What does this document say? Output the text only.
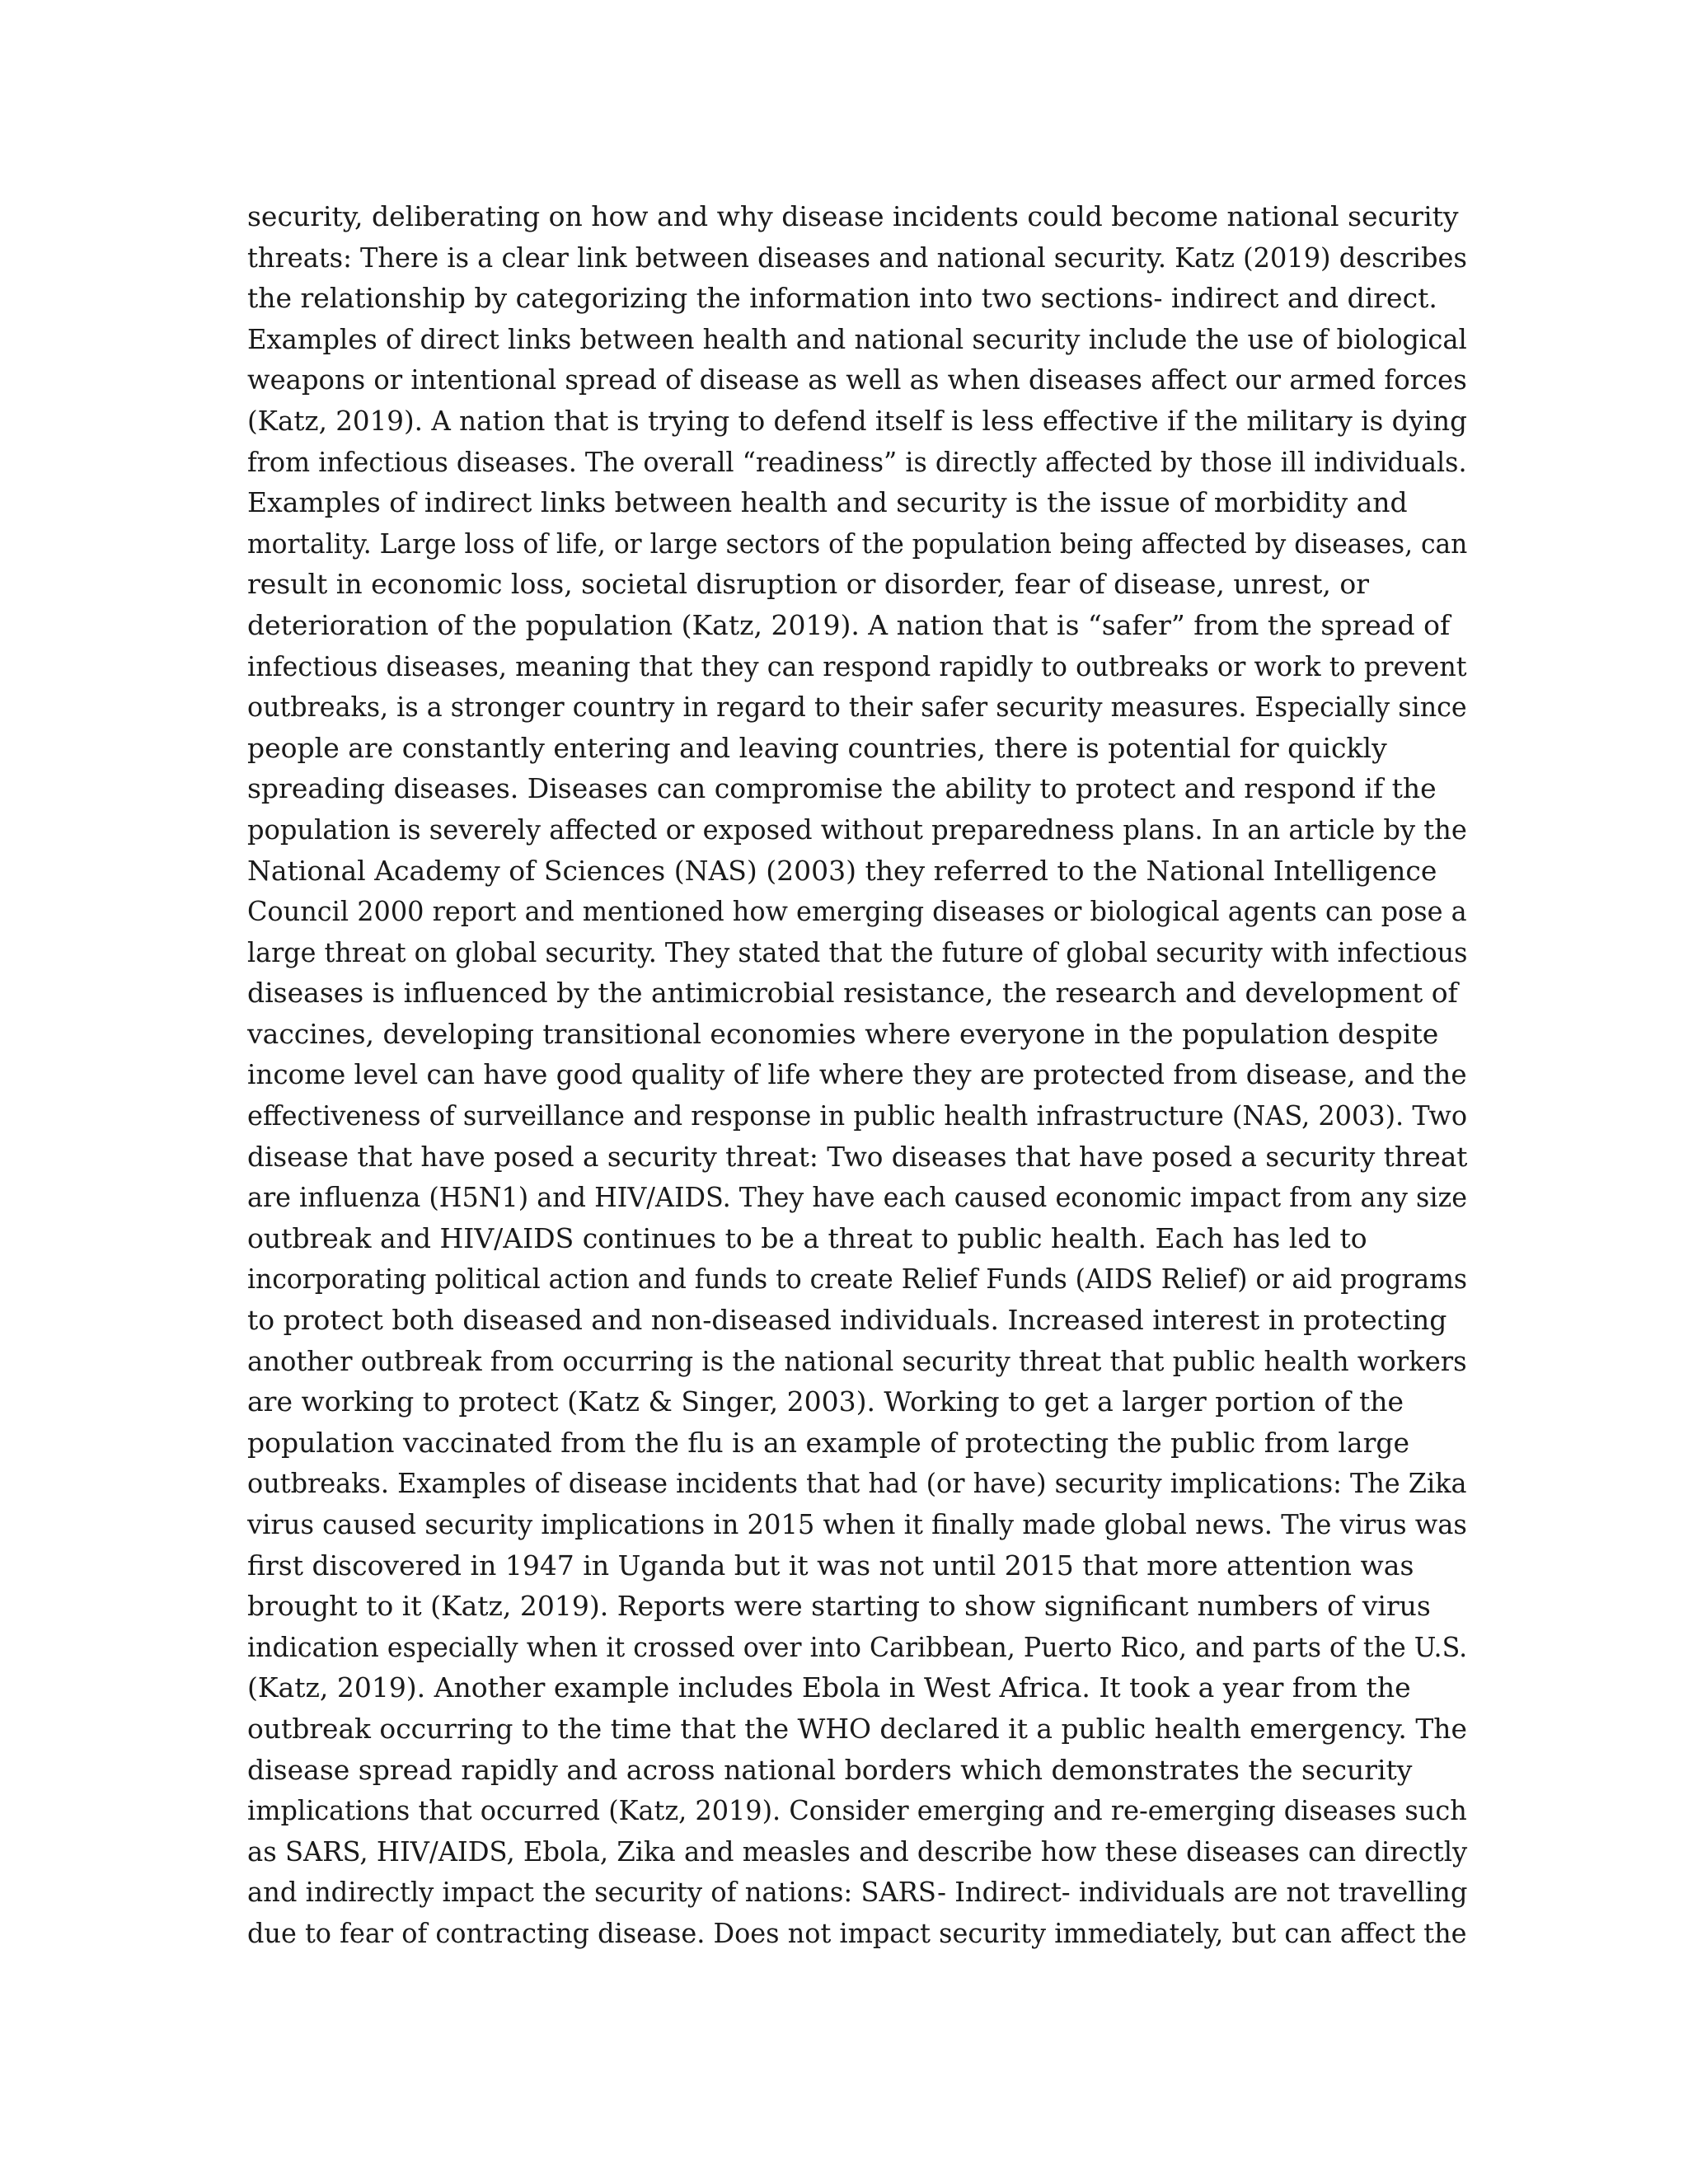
security, deliberating on how and why disease incidents could become national security
threats: There is a clear link between diseases and national security. Katz (2019) describes
the relationship by categorizing the information into two sections- indirect and direct.
Examples of direct links between health and national security include the use of biological
weapons or intentional spread of disease as well as when diseases affect our armed forces
(Katz, 2019). A nation that is trying to defend itself is less effective if the military is dying
from infectious diseases. The overall “readiness” is directly affected by those ill individuals.
Examples of indirect links between health and security is the issue of morbidity and
mortality. Large loss of life, or large sectors of the population being affected by diseases, can
result in economic loss, societal disruption or disorder, fear of disease, unrest, or
deterioration of the population (Katz, 2019). A nation that is “safer” from the spread of
infectious diseases, meaning that they can respond rapidly to outbreaks or work to prevent
outbreaks, is a stronger country in regard to their safer security measures. Especially since
people are constantly entering and leaving countries, there is potential for quickly
spreading diseases. Diseases can compromise the ability to protect and respond if the
population is severely affected or exposed without preparedness plans. In an article by the
National Academy of Sciences (NAS) (2003) they referred to the National Intelligence
Council 2000 report and mentioned how emerging diseases or biological agents can pose a
large threat on global security. They stated that the future of global security with infectious
diseases is influenced by the antimicrobial resistance, the research and development of
vaccines, developing transitional economies where everyone in the population despite
income level can have good quality of life where they are protected from disease, and the
effectiveness of surveillance and response in public health infrastructure (NAS, 2003). Two
disease that have posed a security threat: Two diseases that have posed a security threat
are influenza (H5N1) and HIV/AIDS. They have each caused economic impact from any size
outbreak and HIV/AIDS continues to be a threat to public health. Each has led to
incorporating political action and funds to create Relief Funds (AIDS Relief) or aid programs
to protect both diseased and non-diseased individuals. Increased interest in protecting
another outbreak from occurring is the national security threat that public health workers
are working to protect (Katz & Singer, 2003). Working to get a larger portion of the
population vaccinated from the flu is an example of protecting the public from large
outbreaks. Examples of disease incidents that had (or have) security implications: The Zika
virus caused security implications in 2015 when it finally made global news. The virus was
first discovered in 1947 in Uganda but it was not until 2015 that more attention was
brought to it (Katz, 2019). Reports were starting to show significant numbers of virus
indication especially when it crossed over into Caribbean, Puerto Rico, and parts of the U.S.
(Katz, 2019). Another example includes Ebola in West Africa. It took a year from the
outbreak occurring to the time that the WHO declared it a public health emergency. The
disease spread rapidly and across national borders which demonstrates the security
implications that occurred (Katz, 2019). Consider emerging and re-emerging diseases such
as SARS, HIV/AIDS, Ebola, Zika and measles and describe how these diseases can directly
and indirectly impact the security of nations: SARS- Indirect- individuals are not travelling
due to fear of contracting disease. Does not impact security immediately, but can affect the
